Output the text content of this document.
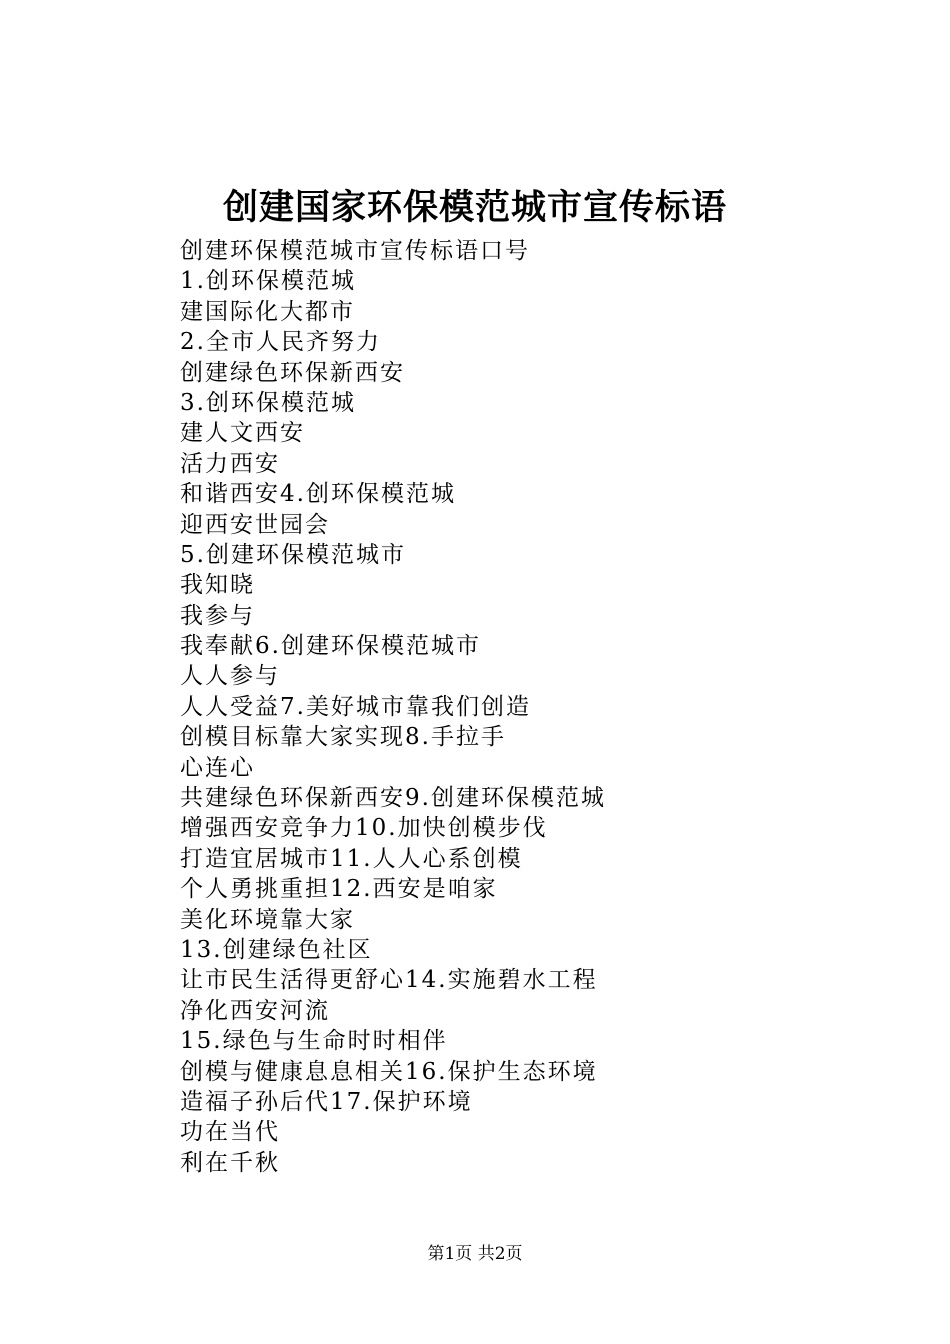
创建国家环保模范城市宣传标语
创建环保模范城市宣传标语口号
1.创环保模范城
建国际化大都市
2.全市人民齐努力
创建绿色环保新西安
3.创环保模范城
建人文西安
活力西安
和谐西安4.创环保模范城
迎西安世园会
5.创建环保模范城市
我知晓
我参与
我奉献6.创建环保模范城市
人人参与
人人受益7.美好城市靠我们创造
创模目标靠大家实现8.手拉手
心连心
共建绿色环保新西安9.创建环保模范城
增强西安竞争力10.加快创模步伐
打造宜居城市11.人人心系创模
个人勇挑重担12.西安是咱家
美化环境靠大家
13.创建绿色社区
让市民生活得更舒心14.实施碧水工程
净化西安河流
15.绿色与生命时时相伴
创模与健康息息相关16.保护生态环境
造福子孙后代17.保护环境
功在当代
利在千秋
第1页 共2页
